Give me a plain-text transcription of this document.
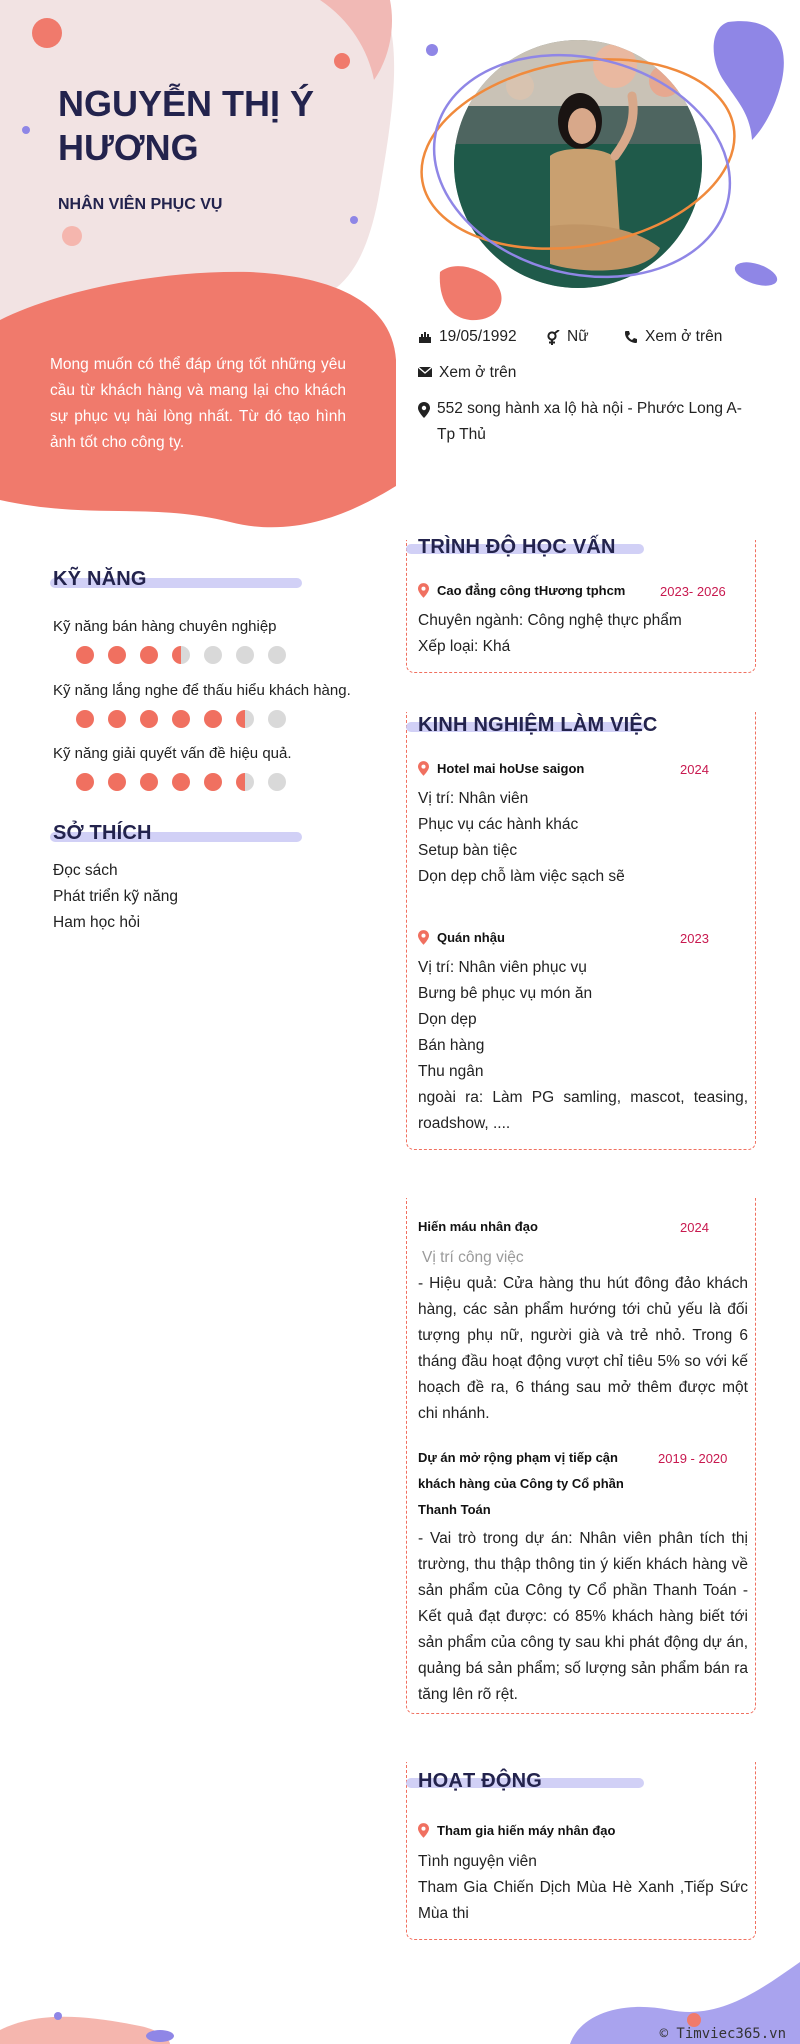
NGUYỄN THỊ Ý HƯƠNG
NHÂN VIÊN PHỤC VỤ
Mong muốn có thể đáp ứng tốt những yêu cầu từ khách hàng và mang lại cho khách sự phục vụ hài lòng nhất. Từ đó tạo hình ảnh tốt cho công ty.
19/05/1992	Nữ	Xem ở trên
Xem ở trên
552 song hành xa lộ hà nội - Phước Long A- Tp Thủ
KỸ NĂNG
Kỹ năng bán hàng chuyên nghiệp
Kỹ năng lắng nghe để thấu hiểu khách hàng.
Kỹ năng giải quyết vấn đề hiệu quả.
SỞ THÍCH
Đọc sách
Phát triển kỹ năng
Ham học hỏi
TRÌNH ĐỘ HỌC VẤN
Cao đẳng công tHương tphcm	2023- 2026
Chuyên ngành: Công nghệ thực phẩm
Xếp loại: Khá
KINH NGHIỆM LÀM VIỆC
Hotel mai hoUse saigon	2024
Vị trí: Nhân viên
Phục vụ các hành khác
Setup bàn tiệc
Dọn dẹp chỗ làm việc sạch sẽ
Quán nhậu	2023
Vị trí: Nhân viên phục vụ
Bưng bê phục vụ món ăn
Dọn dẹp
Bán hàng
Thu ngân
ngoài ra: Làm PG samling, mascot, teasing, roadshow, ....
Hiến máu nhân đạo	2024
Vị trí công việc
- Hiệu quả: Cửa hàng thu hút đông đảo khách hàng, các sản phẩm hướng tới chủ yếu là đối tượng phụ nữ, người già và trẻ nhỏ. Trong 6 tháng đầu hoạt động vượt chỉ tiêu 5% so với kế hoạch đề ra, 6 tháng sau mở thêm được một chi nhánh.
Dự án mở rộng phạm vị tiếp cận khách hàng của Công ty Cổ phần Thanh Toán
2019 - 2020
- Vai trò trong dự án: Nhân viên phân tích thị trường, thu thập thông tin ý kiến khách hàng về sản phẩm của Công ty Cổ phần Thanh Toán - Kết quả đạt được: có 85% khách hàng biết tới sản phẩm của công ty sau khi phát động dự án, quảng bá sản phẩm; số lượng sản phẩm bán ra tăng lên rõ rệt.
HOẠT ĐỘNG
Tham gia hiến máy nhân đạo
Tình nguyện viên
Tham Gia Chiến Dịch Mùa Hè Xanh ,Tiếp Sức Mùa thi
© Timviec365.vn
